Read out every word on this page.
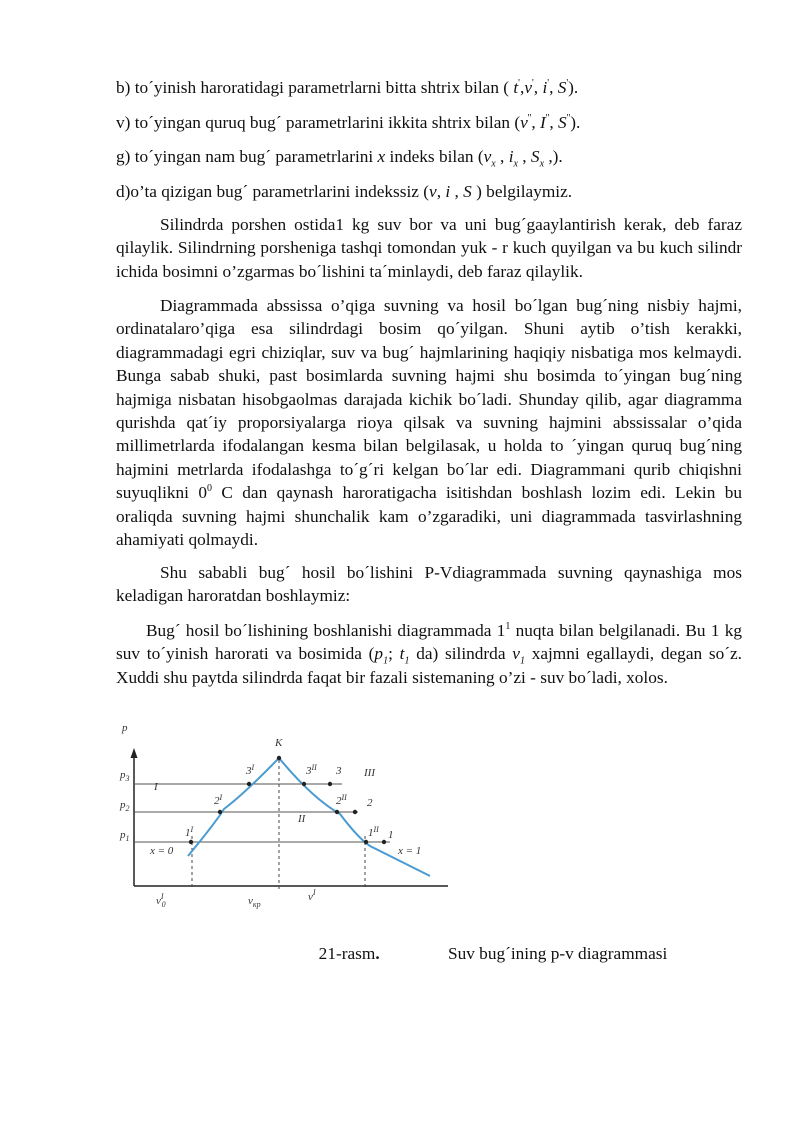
b) to´yinish haroratidagi parametrlarni bitta shtrix bilan ( t',v', i', S').
v) to´yingan quruq bug´ parametrlarini ikkita shtrix bilan (v'', I'', S'').
g) to´yingan nam bug´ parametrlarini x indeks bilan ($v_x$ , $i_x$ , $S_x$ ,).
d)o’ta qizigan bug´ parametrlarini indekssiz (v, i , S ) belgilaymiz.
Silindrda porshen ostida1 kg suv bor va uni bug´gaaylantirish kerak, deb faraz qilaylik. Silindrning porsheniga tashqi tomondan yuk - r kuch quyilgan va bu kuch silindr ichida bosimni o’zgarmas bo´lishini ta´minlaydi, deb faraz qilaylik.
Diagrammada abssissa o’qiga suvning va hosil bo´lgan bug´ning nisbiy hajmi, ordinatalaro’qiga esa silindrdagi bosim qo´yilgan. Shuni aytib o’tish kerakki, diagrammadagi egri chiziqlar, suv va bug´ hajmlarining haqiqiy nisbatiga mos kelmaydi. Bunga sabab shuki, past bosimlarda suvning hajmi shu bosimda to´yingan bug´ning hajmiga nisbatan hisobgaolmas darajada kichik bo´ladi. Shunday qilib, agar diagramma qurishda qat´iy proporsiyalarga rioya qilsak va suvning hajmini abssissalar o’qida millimetrlarda ifodalangan kesma bilan belgilasak, u holda to ´yingan quruq bug´ning hajmini metrlarda ifodalashga to´g´ri kelgan bo´lar edi. Diagrammani qurib chiqishni suyuqlikni $0^0$ C dan qaynash haroratigacha isitishdan boshlash lozim edi. Lekin bu oraliqda suvning hajmi shunchalik kam o’zgaradiki, uni diagrammada tasvirlashning ahamiyati qolmaydi.
Shu sababli bug´ hosil bo´lishini P-Vdiagrammada suvning qaynashiga mos keladigan haroratdan boshlaymiz:
Bug´ hosil bo´lishining boshlanishi diagrammada $1^1$ nuqta bilan belgilanadi. Bu 1 kg suv to´yinish harorati va bosimida ($p_1$; $t_1$ da) silindrda $v_1$ xajmni egallaydi, degan so´z. Xuddi shu paytda silindrda faqat bir fazali sistemaning o’zi - suv bo´ladi, xolos.
p
$p_3$
$p_2$
$p_1$
K
$3^I$	$3^{II}$ 3
$2^I$	$2^{II}$ 2
$1^I$	$1^{II}$ 1
I
II
III
x = 0	x = 1
$v^I$ 0	$v_{кр}$
$v^I$
21-rasm.	Suv bug´ining p-v diagrammasi
